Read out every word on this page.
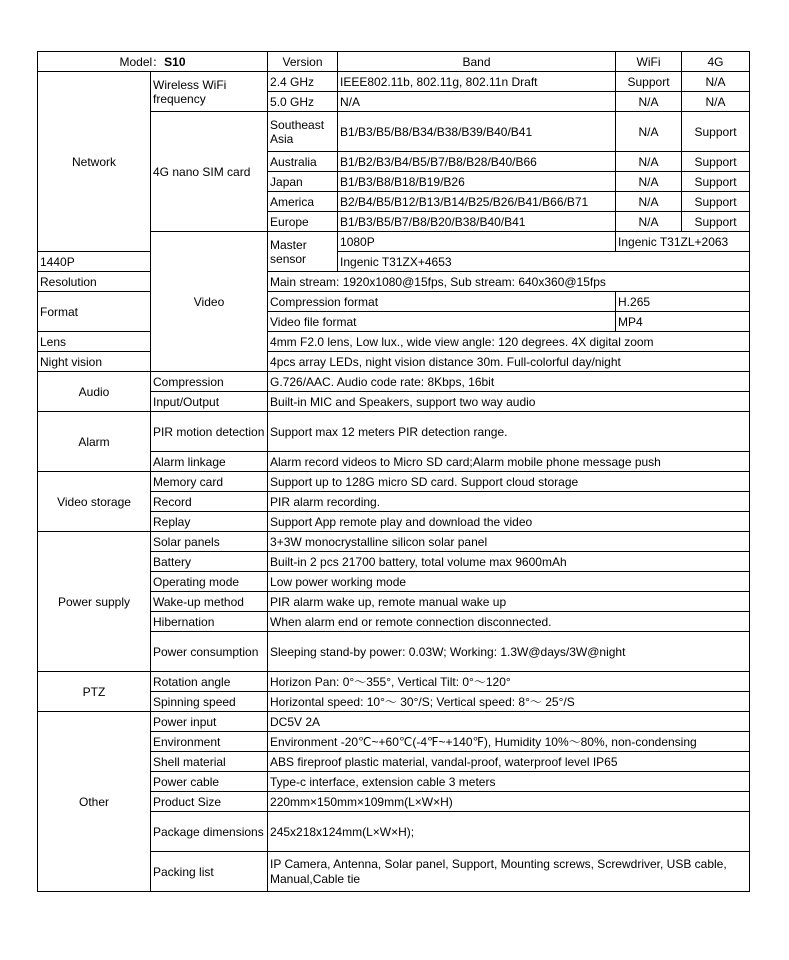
Model：S10		Version	Band	WiFi	4G
Network	Wireless WiFi frequency	2.4 GHz	IEEE802.11b, 802.11g, 802.11n Draft	Support	N/A
		5.0 GHz	N/A	N/A	N/A
	4G nano SIM card	Southeast Asia	B1/B3/B5/B8/B34/B38/B39/B40/B41	N/A	Support
		Australia	B1/B2/B3/B4/B5/B7/B8/B28/B40/B66	N/A	Support
		Japan	B1/B3/B8/B18/B19/B26	N/A	Support
		America	B2/B4/B5/B12/B13/B14/B25/B26/B41/B66/B71	N/A	Support
		Europe	B1/B3/B5/B7/B8/B20/B38/B40/B41	N/A	Support
	Video	Master sensor	1080P	Ingenic T31ZL+2063	
1440P			Ingenic T31ZX+4653		
Resolution		Main stream: 1920x1080@15fps, Sub stream: 640x360@15fps			
Format		Compression format		H.265	
		Video file format		MP4	
Lens		4mm F2.0 lens, Low lux., wide view angle: 120 degrees. 4X digital zoom			
Night vision		4pcs array LEDs, night vision distance 30m. Full-colorful day/night			
Audio	Compression	G.726/AAC. Audio code rate: 8Kbps, 16bit			
	Input/Output	Built-in MIC and Speakers, support two way audio			
Alarm	PIR motion detection	Support max 12 meters PIR detection range.			
	Alarm linkage	Alarm record videos to Micro SD card;Alarm mobile phone message push			
Video storage	Memory card	Support up to 128G micro SD card. Support cloud storage			
	Record	PIR alarm recording.			
	Replay	Support App remote play and download the video			
Power supply	Solar panels	3+3W monocrystalline silicon solar panel			
	Battery	Built-in 2 pcs 21700 battery, total volume max 9600mAh			
	Operating mode	Low power working mode			
	Wake-up method	PIR alarm wake up, remote manual wake up			
	Hibernation	When alarm end or remote connection disconnected.			
	Power consumption	Sleeping stand-by power: 0.03W; Working: 1.3W@days/3W@night			
PTZ	Rotation angle	Horizon Pan: 0°～355°, Vertical Tilt: 0°～120°			
	Spinning speed	Horizontal speed: 10°～ 30°/S; Vertical speed: 8°～ 25°/S			
Other	Power input	DC5V 2A			
	Environment	Environment -20℃~+60℃(-4℉~+140℉), Humidity 10%～80%, non-condensing			
	Shell material	ABS fireproof plastic material, vandal-proof, waterproof level IP65			
	Power cable	Type-c interface, extension cable 3 meters			
	Product Size	220mm×150mm×109mm(L×W×H)			
	Package dimensions	245x218x124mm(L×W×H);			
	Packing list	IP Camera, Antenna, Solar panel, Support, Mounting screws, Screwdriver, USB cable, Manual,Cable tie			
